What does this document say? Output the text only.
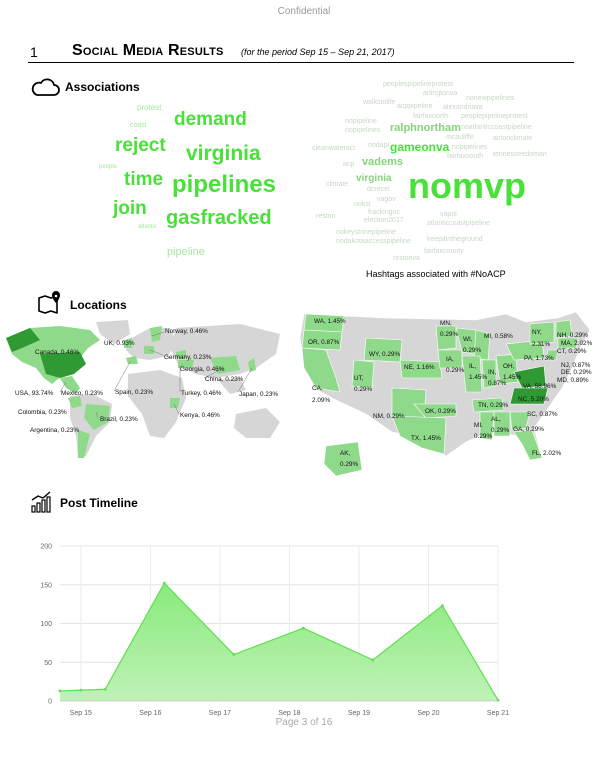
Confidential
1 Social Media Results (for the period Sep 15 – Sep 21, 2017)
Associations
pipelines
virginia
gasfracked
reject
time
join
demand
pipeline
protest
coast
atlantic
people	nomvp
gameonva
ralphnortham
vadems
virginia
peoplespipelineprotest
arlingtonva
nonewpipelines
walkstolife
acppipeline alexandriava
fairfaxnorth peoplepipelineprotest
nopipeline
nopipelines	noatlanticcoastpipeline
mcauliffe	actonclimate
cleanwateract nodapl	nopipelines
fairfaxsouth tennesseedoman
acp
climate
dcrecel
vagov
nokst
frackingnc
election2017
vapol
atlanticcoastpipeline
reston
nokeystonepipeline
keepitintheground
nodakotaaccesspipeline
fairfaxcounty
restonva
Hashtags associated with #NoACP
Locations
Norway, 0.46%
UK, 0.93%
Canada, 0.46%
Germany, 0.23%
Georgia, 0.46%
China, 0.23%
USA, 93.74% Mexico, 0.23% Spain, 0.23%	Turkey, 0.46%	Japan, 0.23%
Colombia, 0.23%	Kenya, 0.46%
Brazil, 0.23%
Argentina, 0.23%
MN,
0.29%
WA, 1.45%
NY,
2.31%
NH, 0.29%
MI, 0.58%
WI,
0.29%
MA, 2.02%
OR, 0.87%
CT, 0.29%
WY, 0.29%
IA,
0.29%
PA, 1.73%
IL,
1.45%
NJ, 0.87%
NE, 1.16%	OH,
1.45%
IN,
0.87%
DE, 0.29%
UT,
0.29%
MD, 0.89%
VA, 58.96%
CA,
2.09%	NC, 5.20%
TN, 0.29%
OK, 0.29%	SC, 0.87%
NM, 0.29%	AL,
MI,
0.29%
0.29% GA, 0.29%
TX, 1.45%
AK,
0.29%
FL, 2.02%
Post Timeline
0
50
100
150
200
Sep 15	Sep 16	Sep 17	Sep 18	Sep 19	Sep 20	Sep 21
Page 3 of 16
